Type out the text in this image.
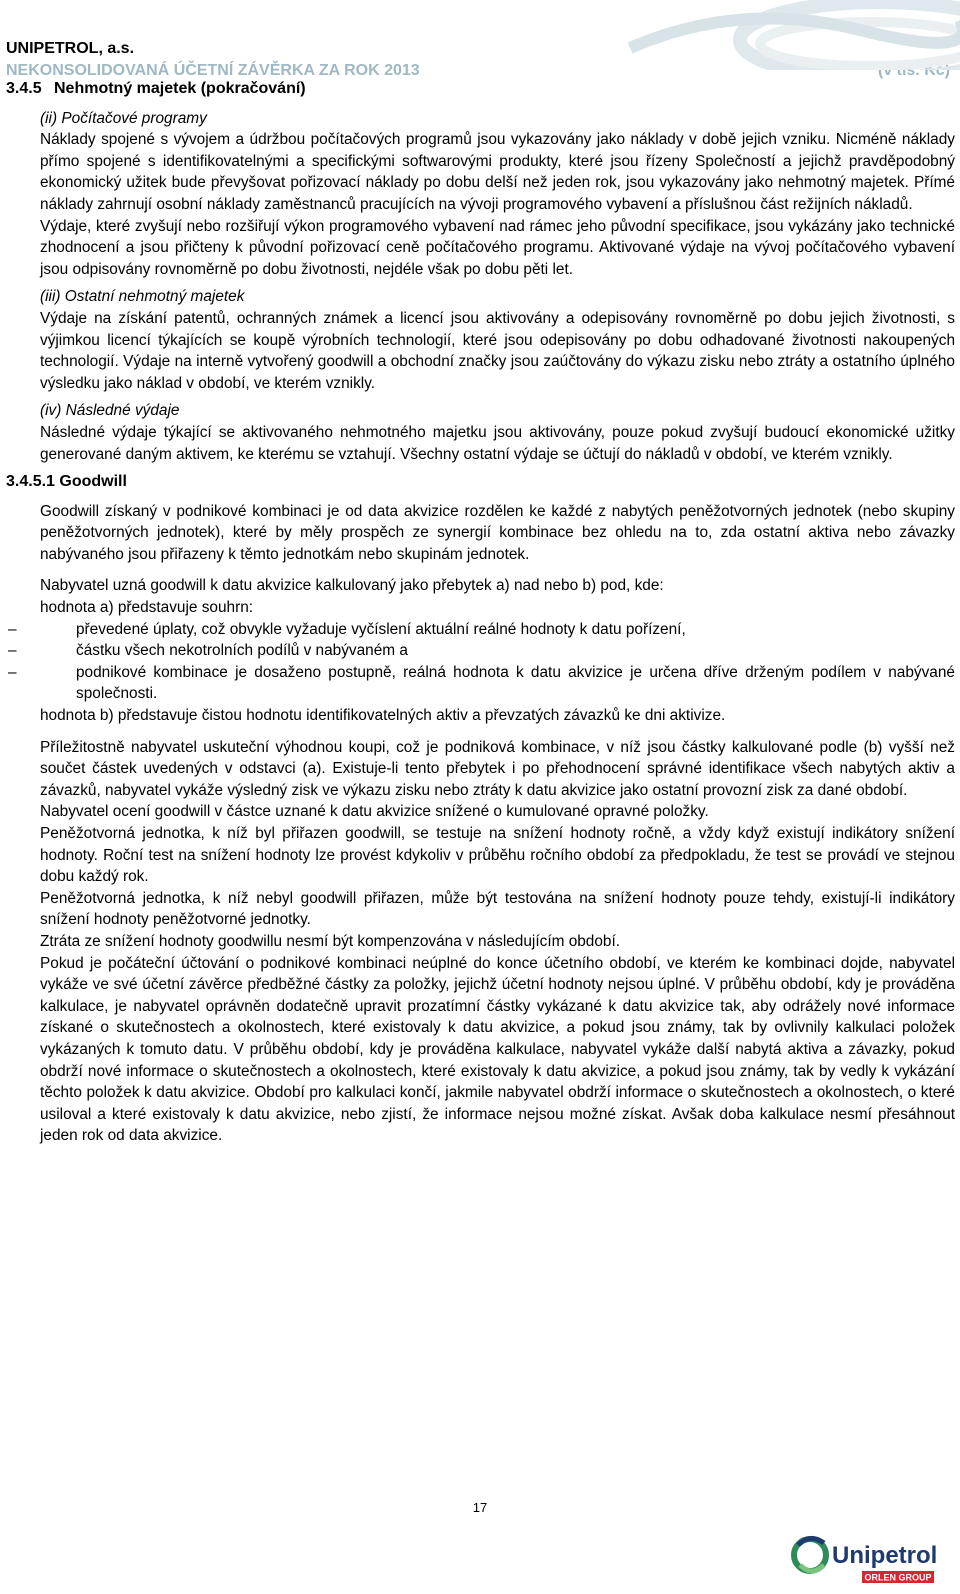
UNIPETROL, a.s.
NEKONSOLIDOVANÁ ÚČETNÍ ZÁVĚRKA ZA ROK 2013	(v tis. Kč)
3.4.5 Nehmotný majetek (pokračování)

(ii) Počítačové programy

Náklady spojené s vývojem a údržbou počítačových programů jsou vykazovány jako náklady v době jejich vzniku. Nicméně náklady přímo spojené s identifikovatelnými a specifickými softwarovými produkty, které jsou řízeny Společností a jejichž pravděpodobný ekonomický užitek bude převyšovat pořizovací náklady po dobu delší než jeden rok, jsou vykazovány jako nehmotný majetek. Přímé náklady zahrnují osobní náklady zaměstnanců pracujících na vývoji programového vybavení a příslušnou část režijních nákladů.

Výdaje, které zvyšují nebo rozšiřují výkon programového vybavení nad rámec jeho původní specifikace, jsou vykázány jako technické zhodnocení a jsou přičteny k původní pořizovací ceně počítačového programu. Aktivované výdaje na vývoj počítačového vybavení jsou odpisovány rovnoměrně po dobu životnosti, nejdéle však po dobu pěti let.

(iii) Ostatní nehmotný majetek

Výdaje na získání patentů, ochranných známek a licencí jsou aktivovány a odepisovány rovnoměrně po dobu jejich životnosti, s výjimkou licencí týkajících se koupě výrobních technologií, které jsou odepisovány po dobu odhadované životnosti nakoupených technologií. Výdaje na interně vytvořený goodwill a obchodní značky jsou zaúčtovány do výkazu zisku nebo ztráty a ostatního úplného výsledku jako náklad v období, ve kterém vznikly.

(iv) Následné výdaje

Následné výdaje týkající se aktivovaného nehmotného majetku jsou aktivovány, pouze pokud zvyšují budoucí ekonomické užitky generované daným aktivem, ke kterému se vztahují. Všechny ostatní výdaje se účtují do nákladů v období, ve kterém vznikly.

3.4.5.1 Goodwill

Goodwill získaný v podnikové kombinaci je od data akvizice rozdělen ke každé z nabytých peněžotvorných jednotek (nebo skupiny peněžotvorných jednotek), které by měly prospěch ze synergií kombinace bez ohledu na to, zda ostatní aktiva nebo závazky nabývaného jsou přiřazeny k těmto jednotkám nebo skupinám jednotek.

Nabyvatel uzná goodwill k datu akvizice kalkulovaný jako přebytek a) nad nebo b) pod, kde:

hodnota a) představuje souhrn:

–	převedené úplaty, což obvykle vyžaduje vyčíslení aktuální reálné hodnoty k datu pořízení,
–	částku všech nekotrolních podílů v nabývaném a
–	podnikové kombinace je dosaženo postupně, reálná hodnota k datu akvizice je určena dříve drženým podílem v nabývané společnosti.

hodnota b) představuje čistou hodnotu identifikovatelných aktiv a převzatých závazků ke dni aktivize.

Příležitostně nabyvatel uskuteční výhodnou koupi, což je podniková kombinace, v níž jsou částky kalkulované podle (b) vyšší než součet částek uvedených v odstavci (a). Existuje-li tento přebytek i po přehodnocení správné identifikace všech nabytých aktiv a závazků, nabyvatel vykáže výsledný zisk ve výkazu zisku nebo ztráty k datu akvizice jako ostatní provozní zisk za dané období.

Nabyvatel ocení goodwill v částce uznané k datu akvizice snížené o kumulované opravné položky.

Peněžotvorná jednotka, k níž byl přiřazen goodwill, se testuje na snížení hodnoty ročně, a vždy když existují indikátory snížení hodnoty. Roční test na snížení hodnoty lze provést kdykoliv v průběhu ročního období za předpokladu, že test se provádí ve stejnou dobu každý rok.

Peněžotvorná jednotka, k níž nebyl goodwill přiřazen, může být testována na snížení hodnoty pouze tehdy, existují-li indikátory snížení hodnoty peněžotvorné jednotky.

Ztráta ze snížení hodnoty goodwillu nesmí být kompenzována v následujícím období.

Pokud je počáteční účtování o podnikové kombinaci neúplné do konce účetního období, ve kterém ke kombinaci dojde, nabyvatel vykáže ve své účetní závěrce předběžné částky za položky, jejichž účetní hodnoty nejsou úplné. V průběhu období, kdy je prováděna kalkulace, je nabyvatel oprávněn dodatečně upravit prozatímní částky vykázané k datu akvizice tak, aby odrážely nové informace získané o skutečnostech a okolnostech, které existovaly k datu akvizice, a pokud jsou známy, tak by ovlivnily kalkulaci položek vykázaných k tomuto datu. V průběhu období, kdy je prováděna kalkulace, nabyvatel vykáže další nabytá aktiva a závazky, pokud obdrží nové informace o skutečnostech a okolnostech, které existovaly k datu akvizice, a pokud jsou známy, tak by vedly k vykázání těchto položek k datu akvizice. Období pro kalkulaci končí, jakmile nabyvatel obdrží informace o skutečnostech a okolnostech, o které usiloval a které existovaly k datu akvizice, nebo zjistí, že informace nejsou možné získat. Avšak doba kalkulace nesmí přesáhnout jeden rok od data akvizice.

17
Unipetrol
ORLEN GROUP
